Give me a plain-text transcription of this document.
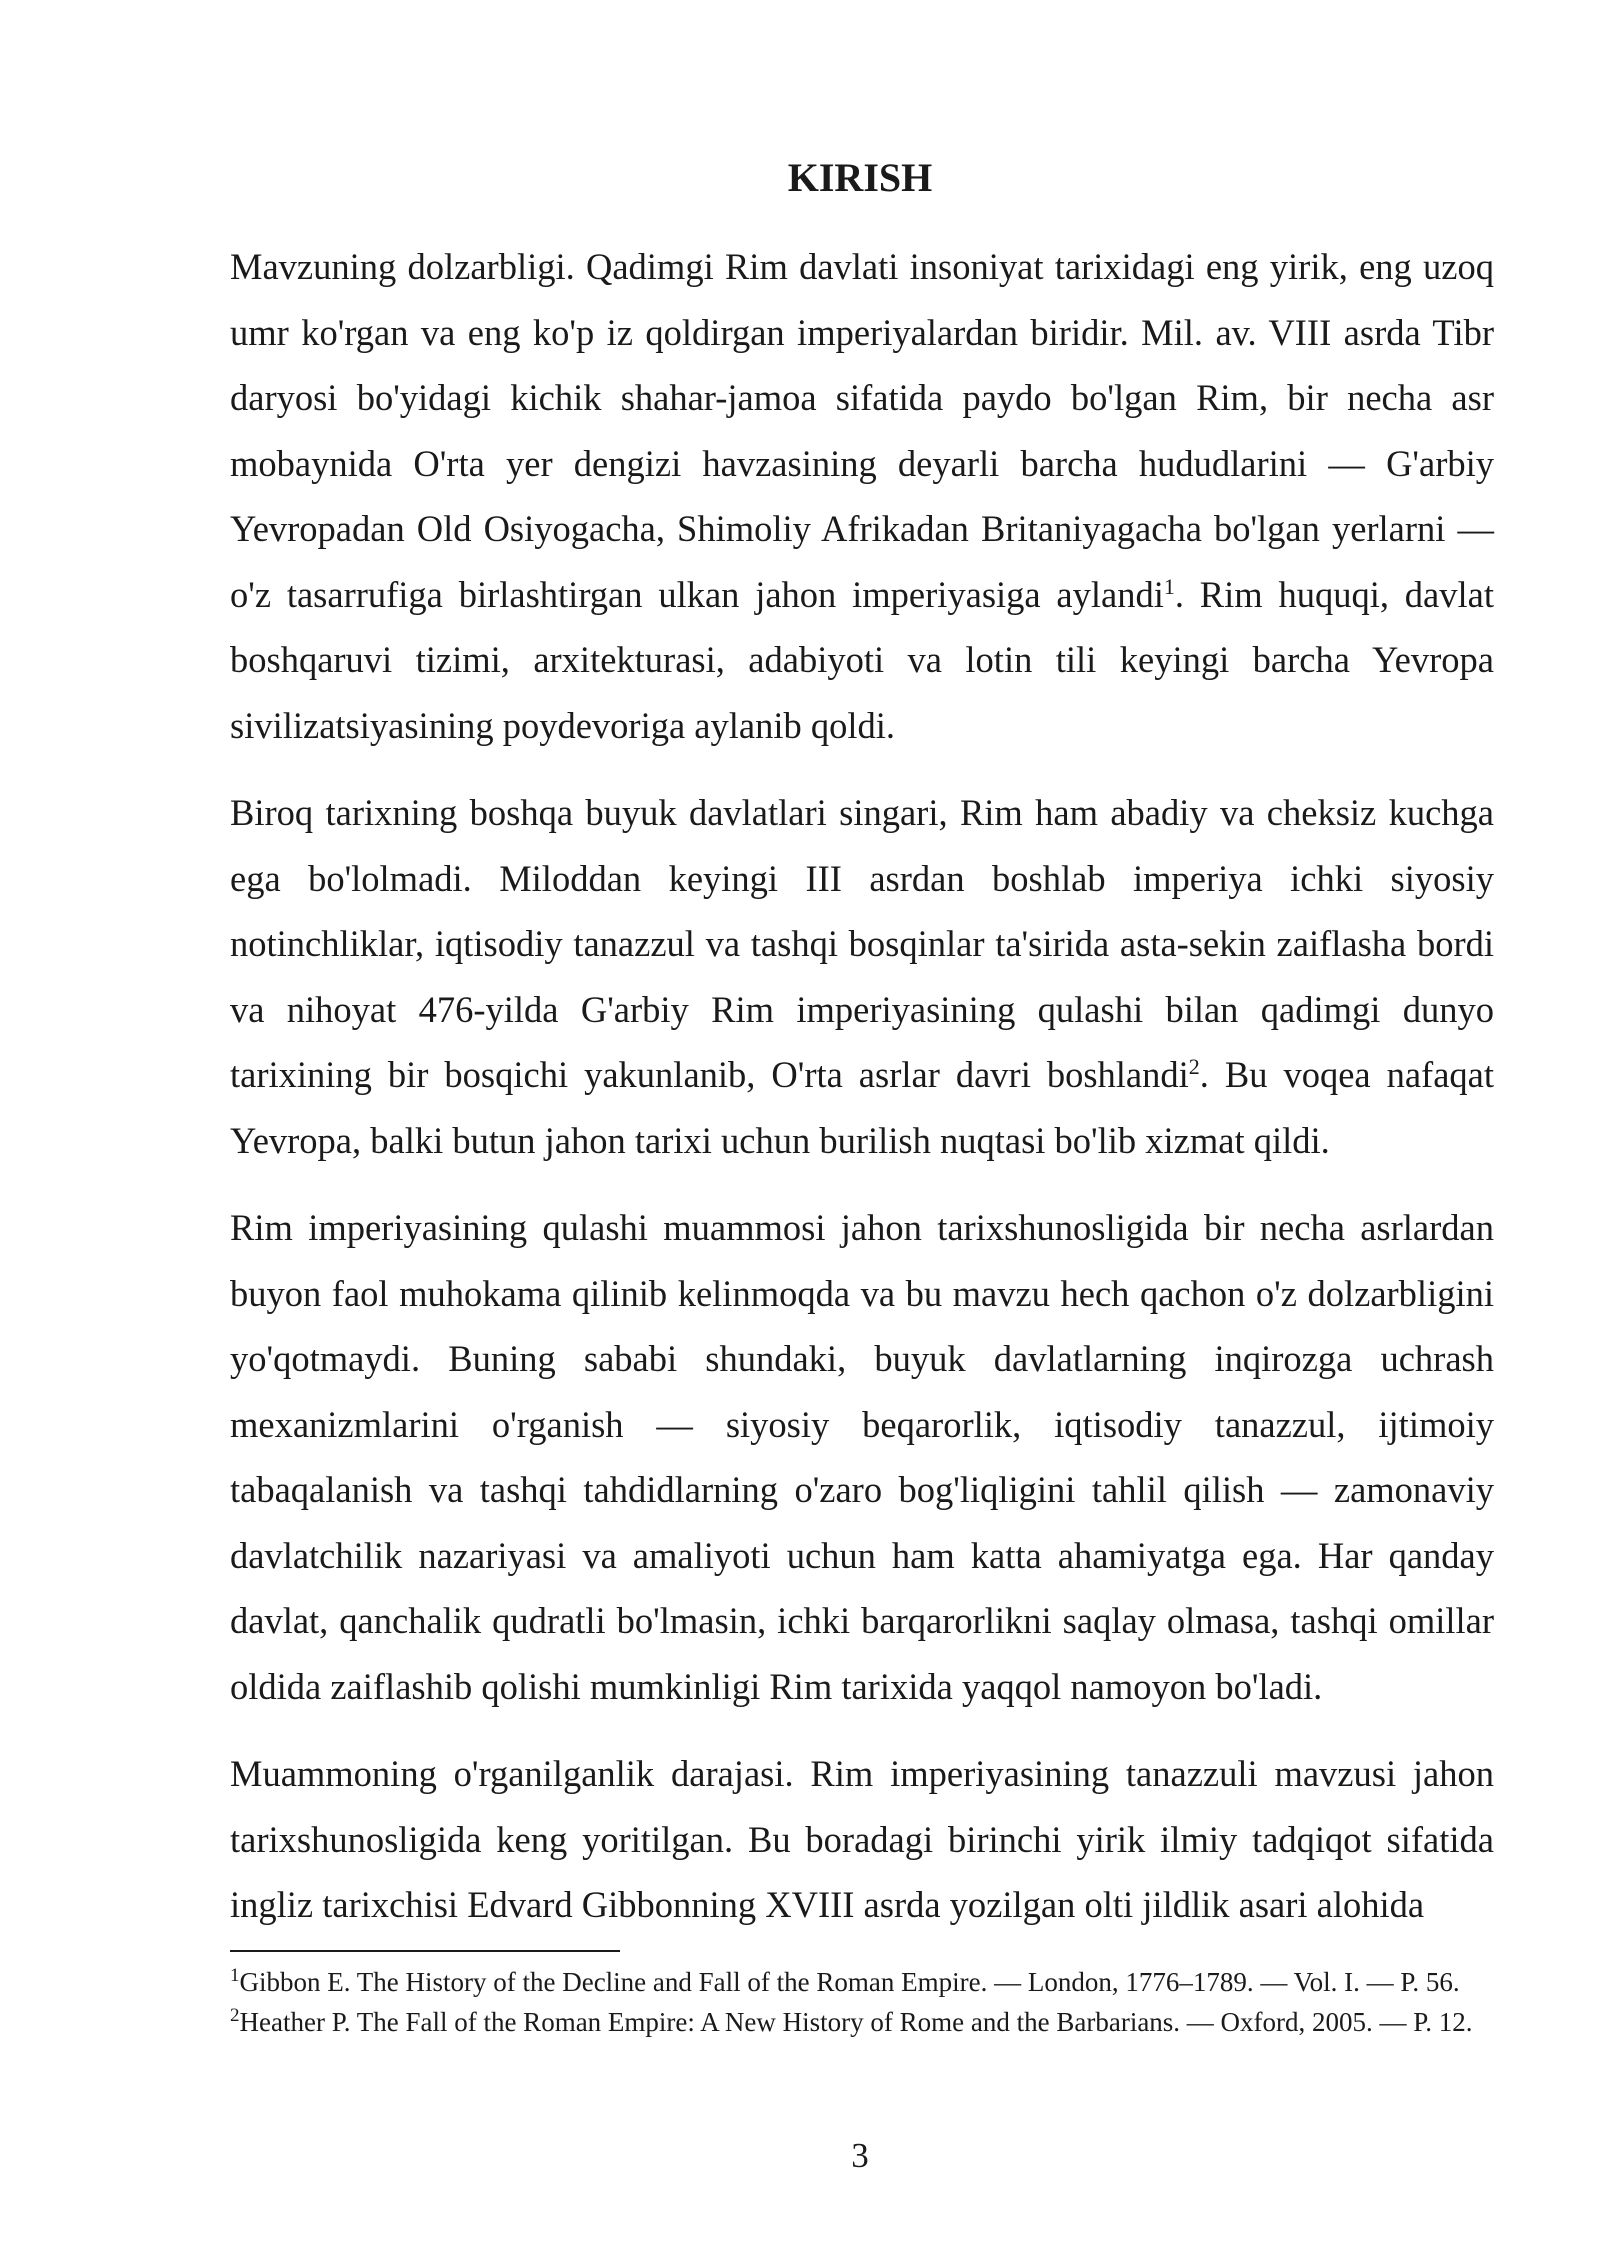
KIRISH

Mavzuning dolzarbligi. Qadimgi Rim davlati insoniyat tarixidagi eng yirik, eng uzoq umr ko'rgan va eng ko'p iz qoldirgan imperiyalardan biridir. Mil. av. VIII asrda Tibr daryosi bo'yidagi kichik shahar-jamoa sifatida paydo bo'lgan Rim, bir necha asr mobaynida O'rta yer dengizi havzasining deyarli barcha hududlarini — G'arbiy Yevropadan Old Osiyogacha, Shimoliy Afrikadan Britaniyagacha bo'lgan yerlarni — o'z tasarrufiga birlashtirgan ulkan jahon imperiyasiga aylandi$^1$. Rim huquqi, davlat boshqaruvi tizimi, arxitekturasi, adabiyoti va lotin tili keyingi barcha Yevropa sivilizatsiyasining poydevoriga aylanib qoldi.

Biroq tarixning boshqa buyuk davlatlari singari, Rim ham abadiy va cheksiz kuchga ega bo'lolmadi. Miloddan keyingi III asrdan boshlab imperiya ichki siyosiy notinchliklar, iqtisodiy tanazzul va tashqi bosqinlar ta'sirida asta-sekin zaiflasha bordi va nihoyat 476-yilda G'arbiy Rim imperiyasining qulashi bilan qadimgi dunyo tarixining bir bosqichi yakunlanib, O'rta asrlar davri boshlandi$^2$. Bu voqea nafaqat Yevropa, balki butun jahon tarixi uchun burilish nuqtasi bo'lib xizmat qildi.

Rim imperiyasining qulashi muammosi jahon tarixshunosligida bir necha asrlardan buyon faol muhokama qilinib kelinmoqda va bu mavzu hech qachon o'z dolzarbligini yo'qotmaydi. Buning sababi shundaki, buyuk davlatlarning inqirozga uchrash mexanizmlarini o'rganish — siyosiy beqarorlik, iqtisodiy tanazzul, ijtimoiy tabaqalanish va tashqi tahdidlarning o'zaro bog'liqligini tahlil qilish — zamonaviy davlatchilik nazariyasi va amaliyoti uchun ham katta ahamiyatga ega. Har qanday davlat, qanchalik qudratli bo'lmasin, ichki barqarorlikni saqlay olmasa, tashqi omillar oldida zaiflashib qolishi mumkinligi Rim tarixida yaqqol namoyon bo'ladi.

Muammoning o'rganilganlik darajasi. Rim imperiyasining tanazzuli mavzusi jahon tarixshunosligida keng yoritilgan. Bu boradagi birinchi yirik ilmiy tadqiqot sifatida ingliz tarixchisi Edvard Gibbonning XVIII asrda yozilgan olti jildlik asari alohida

$^1$Gibbon E. The History of the Decline and Fall of the Roman Empire. — London, 1776–1789. — Vol. I. — P. 56.

$^2$Heather P. The Fall of the Roman Empire: A New History of Rome and the Barbarians. — Oxford, 2005. — P. 12.

3
